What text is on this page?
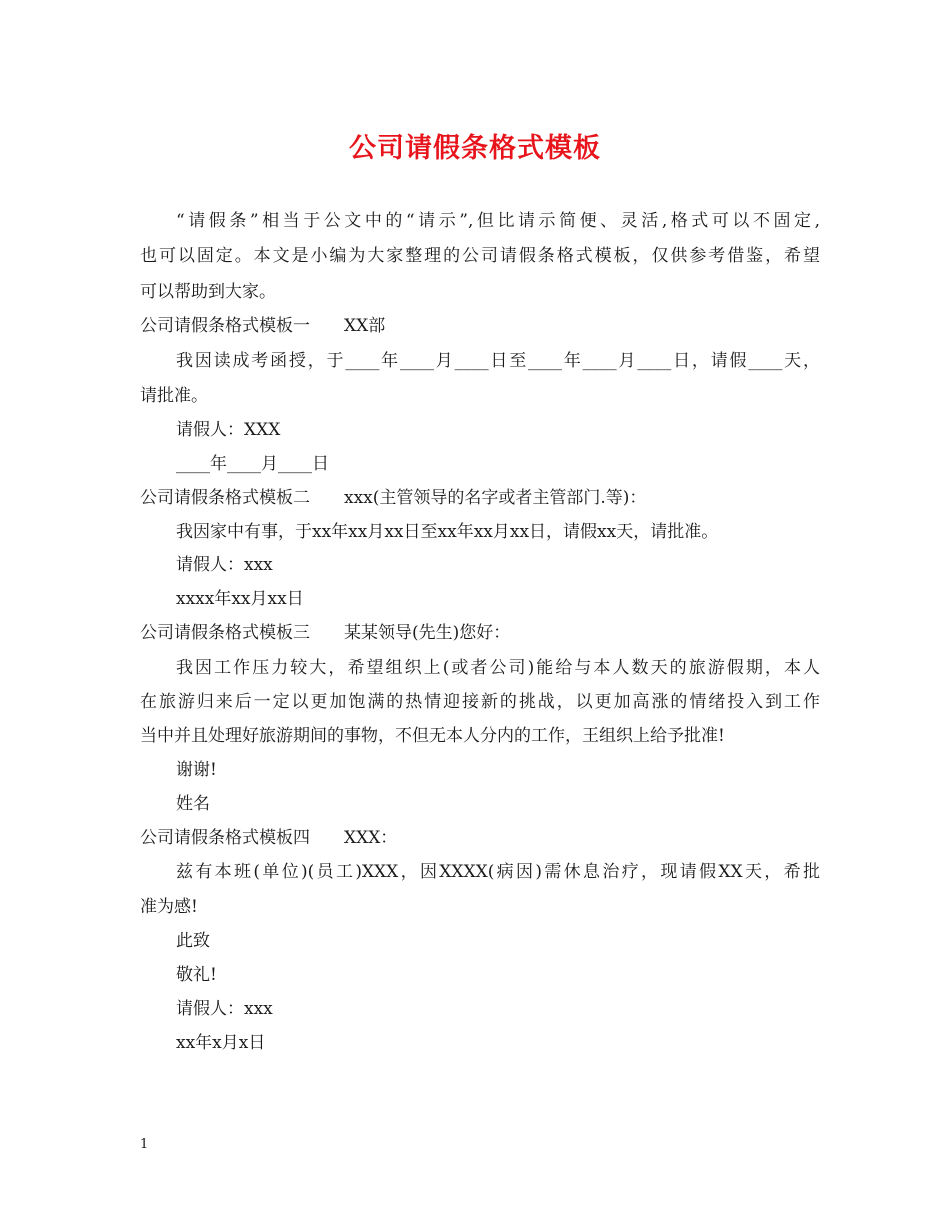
公司请假条格式模板
“请假条”相当于公文中的“请示”,但比请示简便、灵活,格式可以不固定,
也可以固定。本文是小编为大家整理的公司请假条格式模板，仅供参考借鉴，希望
可以帮助到大家。
公司请假条格式模板一　　XX部
我因读成考函授，于____年____月____日至____年____月____日，请假____天，
请批准。
请假人：XXX
____年____月____日
公司请假条格式模板二　　xxx(主管领导的名字或者主管部门.等)：
我因家中有事，于xx年xx月xx日至xx年xx月xx日，请假xx天，请批准。
请假人：xxx
xxxx年xx月xx日
公司请假条格式模板三　　某某领导(先生)您好：
我因工作压力较大，希望组织上(或者公司)能给与本人数天的旅游假期，本人
在旅游归来后一定以更加饱满的热情迎接新的挑战，以更加高涨的情绪投入到工作
当中并且处理好旅游期间的事物，不但无本人分内的工作，王组织上给予批准!
谢谢!
姓名
公司请假条格式模板四　　XXX：
兹有本班(单位)(员工)XXX，因XXXX(病因)需休息治疗，现请假XX天，希批
准为感!
此致
敬礼!
请假人：xxx
xx年x月x日
1
